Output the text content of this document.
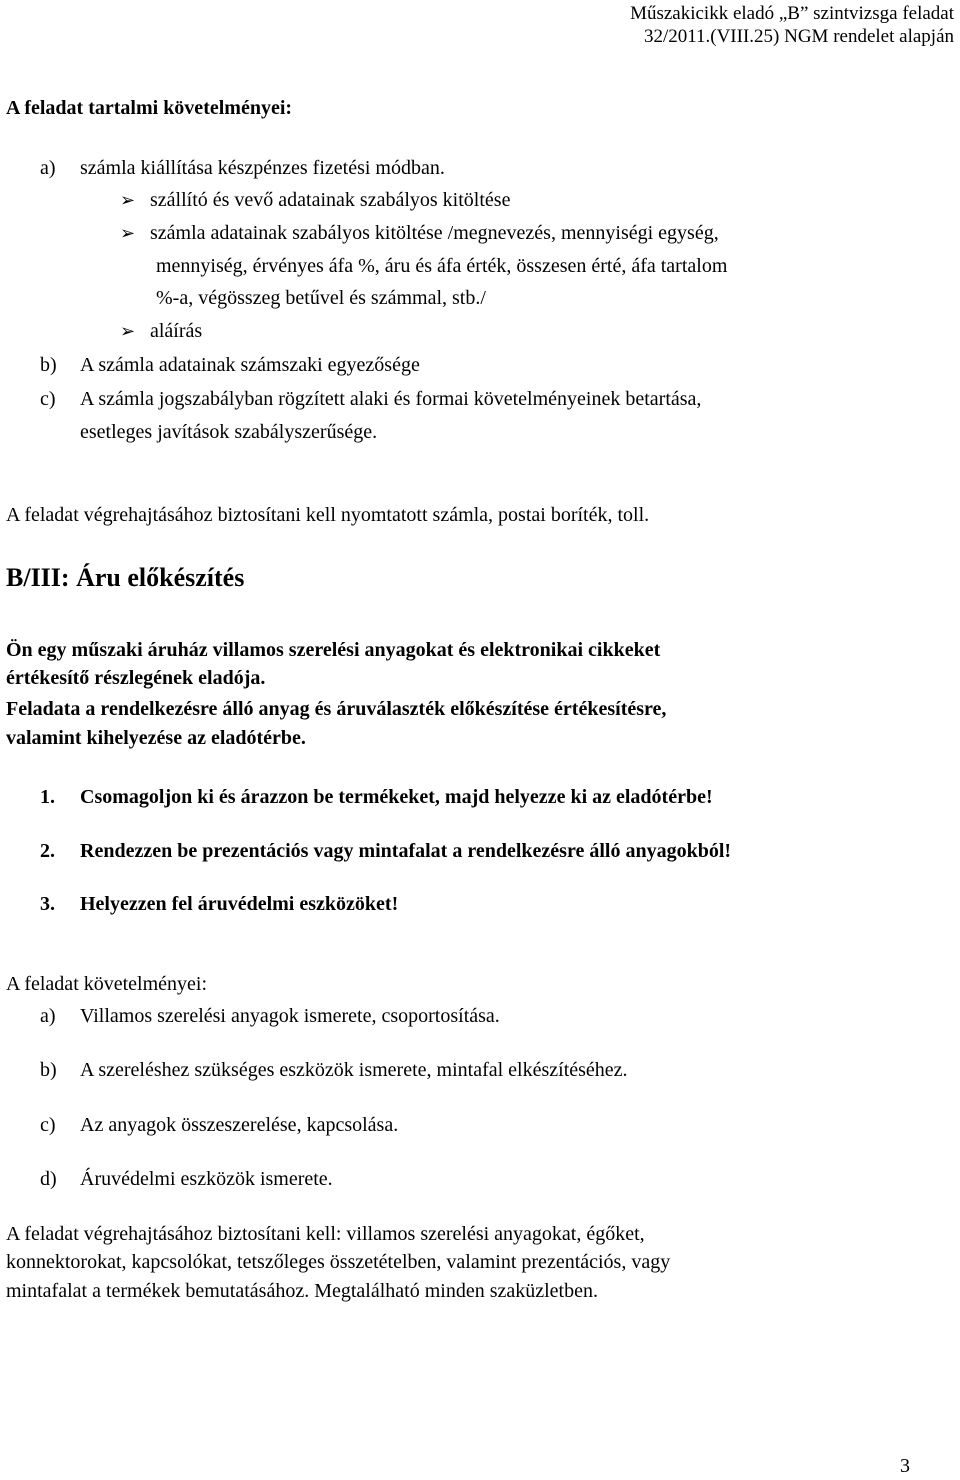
Műszakicikk eladó „B” szintvizsga feladat
32/2011.(VIII.25) NGM rendelet alapján
A feladat tartalmi követelményei:
a) számla kiállítása készpénzes fizetési módban.
➢ szállító és vevő adatainak szabályos kitöltése
➢ számla adatainak szabályos kitöltése /megnevezés, mennyiségi egység,
mennyiség, érvényes áfa %, áru és áfa érték, összesen érté, áfa tartalom
%-a, végösszeg betűvel és számmal, stb./
➢ aláírás
b) A számla adatainak számszaki egyezősége
c) A számla jogszabályban rögzített alaki és formai követelményeinek betartása,
esetleges javítások szabályszerűsége.
A feladat végrehajtásához biztosítani kell nyomtatott számla, postai boríték, toll.
B/III: Áru előkészítés
Ön egy műszaki áruház villamos szerelési anyagokat és elektronikai cikkeket
értékesítő részlegének eladója.
Feladata a rendelkezésre álló anyag és áruválaszték előkészítése értékesítésre,
valamint kihelyezése az eladótérbe.
1. Csomagoljon ki és árazzon be termékeket, majd helyezze ki az eladótérbe!
2. Rendezzen be prezentációs vagy mintafalat a rendelkezésre álló anyagokból!
3. Helyezzen fel áruvédelmi eszközöket!
A feladat követelményei:
a) Villamos szerelési anyagok ismerete, csoportosítása.
b) A szereléshez szükséges eszközök ismerete, mintafal elkészítéséhez.
c) Az anyagok összeszerelése, kapcsolása.
d) Áruvédelmi eszközök ismerete.
A feladat végrehajtásához biztosítani kell: villamos szerelési anyagokat, égőket,
konnektorokat, kapcsolókat, tetszőleges összetételben, valamint prezentációs, vagy
mintafalat a termékek bemutatásához. Megtalálható minden szaküzletben.
3
